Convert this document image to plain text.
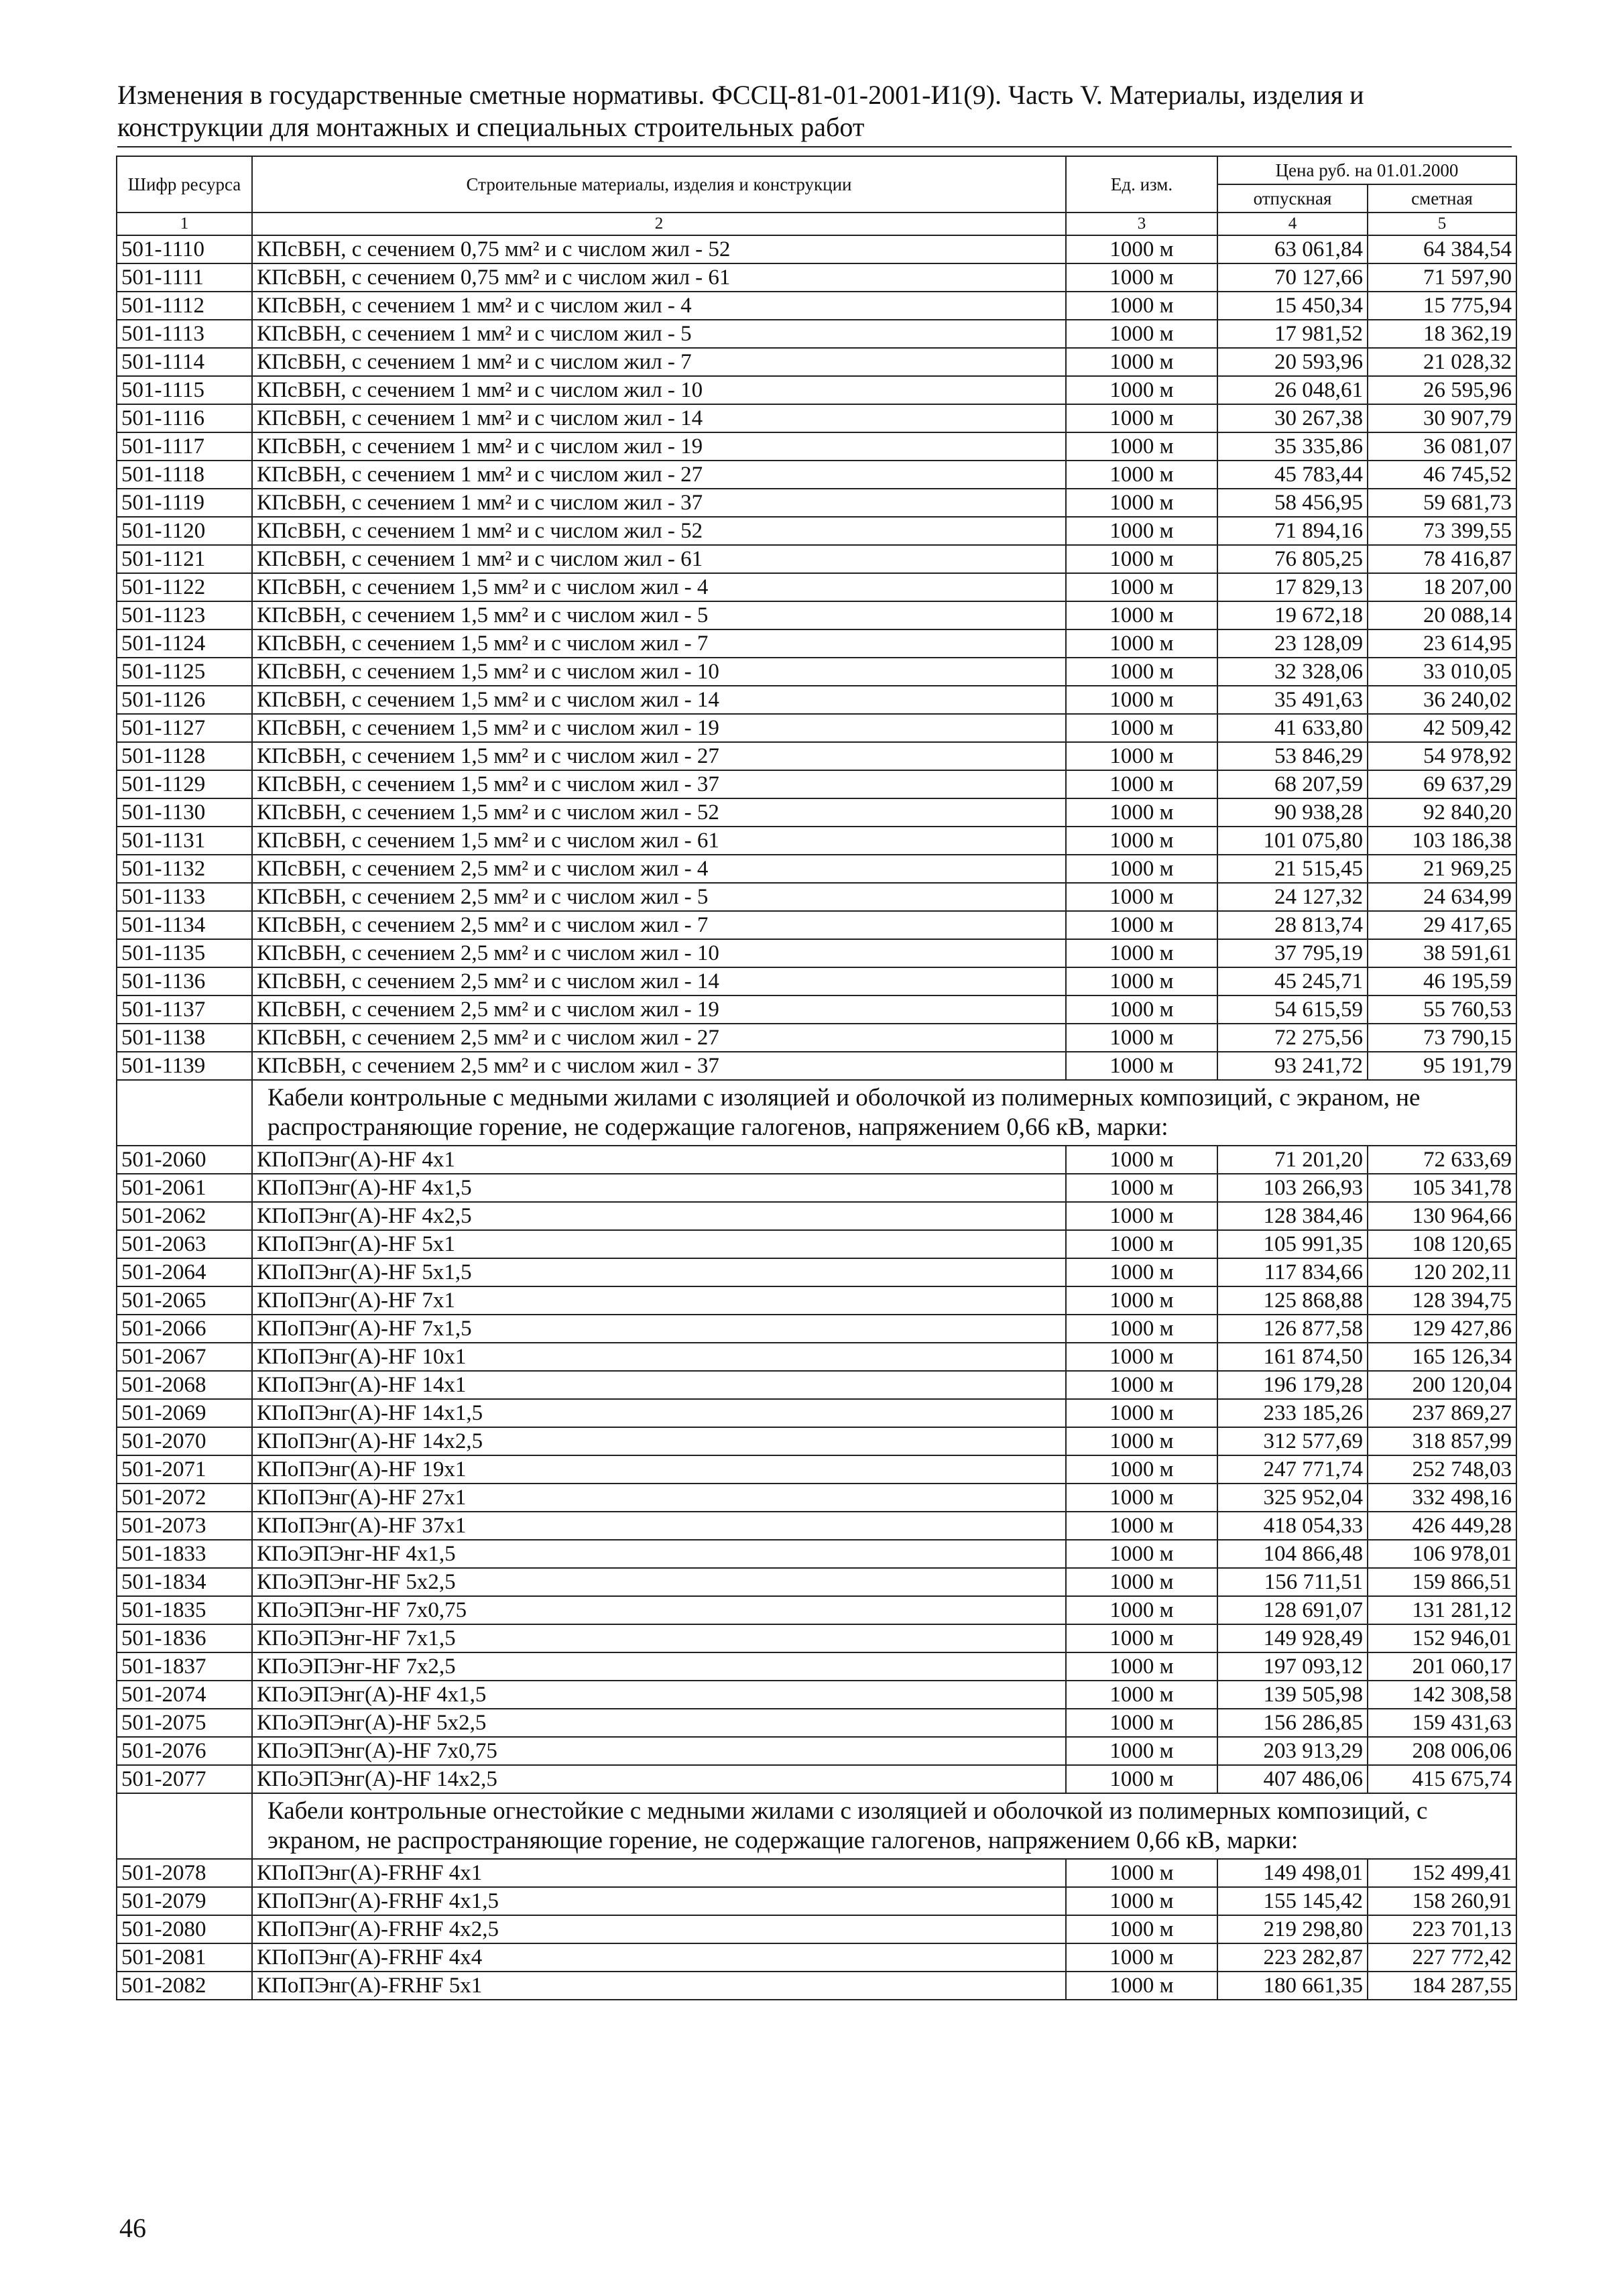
Изменения в государственные сметные нормативы. ФССЦ-81-01-2001-И1(9). Часть V. Материалы, изделия и
конструкции для монтажных и специальных строительных работ
Шифр ресурса	Строительные материалы, изделия и конструкции	Ед. изм.	Цена руб. на 01.01.2000	
			отпускная	сметная
1	2	3	4	5
501-1110	КПсВБН, с сечением 0,75 мм² и с числом жил - 52	1000 м	63 061,84	64 384,54
501-1111	КПсВБН, с сечением 0,75 мм² и с числом жил - 61	1000 м	70 127,66	71 597,90
501-1112	КПсВБН, с сечением 1 мм² и с числом жил - 4	1000 м	15 450,34	15 775,94
501-1113	КПсВБН, с сечением 1 мм² и с числом жил - 5	1000 м	17 981,52	18 362,19
501-1114	КПсВБН, с сечением 1 мм² и с числом жил - 7	1000 м	20 593,96	21 028,32
501-1115	КПсВБН, с сечением 1 мм² и с числом жил - 10	1000 м	26 048,61	26 595,96
501-1116	КПсВБН, с сечением 1 мм² и с числом жил - 14	1000 м	30 267,38	30 907,79
501-1117	КПсВБН, с сечением 1 мм² и с числом жил - 19	1000 м	35 335,86	36 081,07
501-1118	КПсВБН, с сечением 1 мм² и с числом жил - 27	1000 м	45 783,44	46 745,52
501-1119	КПсВБН, с сечением 1 мм² и с числом жил - 37	1000 м	58 456,95	59 681,73
501-1120	КПсВБН, с сечением 1 мм² и с числом жил - 52	1000 м	71 894,16	73 399,55
501-1121	КПсВБН, с сечением 1 мм² и с числом жил - 61	1000 м	76 805,25	78 416,87
501-1122	КПсВБН, с сечением 1,5 мм² и с числом жил - 4	1000 м	17 829,13	18 207,00
501-1123	КПсВБН, с сечением 1,5 мм² и с числом жил - 5	1000 м	19 672,18	20 088,14
501-1124	КПсВБН, с сечением 1,5 мм² и с числом жил - 7	1000 м	23 128,09	23 614,95
501-1125	КПсВБН, с сечением 1,5 мм² и с числом жил - 10	1000 м	32 328,06	33 010,05
501-1126	КПсВБН, с сечением 1,5 мм² и с числом жил - 14	1000 м	35 491,63	36 240,02
501-1127	КПсВБН, с сечением 1,5 мм² и с числом жил - 19	1000 м	41 633,80	42 509,42
501-1128	КПсВБН, с сечением 1,5 мм² и с числом жил - 27	1000 м	53 846,29	54 978,92
501-1129	КПсВБН, с сечением 1,5 мм² и с числом жил - 37	1000 м	68 207,59	69 637,29
501-1130	КПсВБН, с сечением 1,5 мм² и с числом жил - 52	1000 м	90 938,28	92 840,20
501-1131	КПсВБН, с сечением 1,5 мм² и с числом жил - 61	1000 м	101 075,80	103 186,38
501-1132	КПсВБН, с сечением 2,5 мм² и с числом жил - 4	1000 м	21 515,45	21 969,25
501-1133	КПсВБН, с сечением 2,5 мм² и с числом жил - 5	1000 м	24 127,32	24 634,99
501-1134	КПсВБН, с сечением 2,5 мм² и с числом жил - 7	1000 м	28 813,74	29 417,65
501-1135	КПсВБН, с сечением 2,5 мм² и с числом жил - 10	1000 м	37 795,19	38 591,61
501-1136	КПсВБН, с сечением 2,5 мм² и с числом жил - 14	1000 м	45 245,71	46 195,59
501-1137	КПсВБН, с сечением 2,5 мм² и с числом жил - 19	1000 м	54 615,59	55 760,53
501-1138	КПсВБН, с сечением 2,5 мм² и с числом жил - 27	1000 м	72 275,56	73 790,15
501-1139	КПсВБН, с сечением 2,5 мм² и с числом жил - 37	1000 м	93 241,72	95 191,79
	Кабели контрольные с медными жилами с изоляцией и оболочкой из полимерных композиций, с экраном, не распространяющие горение, не содержащие галогенов, напряжением 0,66 кВ, марки:			
501-2060	КПоПЭнг(А)-HF 4x1	1000 м	71 201,20	72 633,69
501-2061	КПоПЭнг(А)-HF 4x1,5	1000 м	103 266,93	105 341,78
501-2062	КПоПЭнг(А)-HF 4x2,5	1000 м	128 384,46	130 964,66
501-2063	КПоПЭнг(А)-HF 5x1	1000 м	105 991,35	108 120,65
501-2064	КПоПЭнг(А)-HF 5x1,5	1000 м	117 834,66	120 202,11
501-2065	КПоПЭнг(А)-HF 7x1	1000 м	125 868,88	128 394,75
501-2066	КПоПЭнг(А)-HF 7x1,5	1000 м	126 877,58	129 427,86
501-2067	КПоПЭнг(А)-HF 10x1	1000 м	161 874,50	165 126,34
501-2068	КПоПЭнг(А)-HF 14x1	1000 м	196 179,28	200 120,04
501-2069	КПоПЭнг(А)-HF 14x1,5	1000 м	233 185,26	237 869,27
501-2070	КПоПЭнг(А)-HF 14x2,5	1000 м	312 577,69	318 857,99
501-2071	КПоПЭнг(А)-HF 19x1	1000 м	247 771,74	252 748,03
501-2072	КПоПЭнг(А)-HF 27x1	1000 м	325 952,04	332 498,16
501-2073	КПоПЭнг(А)-HF 37x1	1000 м	418 054,33	426 449,28
501-1833	КПоЭПЭнг-HF 4x1,5	1000 м	104 866,48	106 978,01
501-1834	КПоЭПЭнг-HF 5x2,5	1000 м	156 711,51	159 866,51
501-1835	КПоЭПЭнг-HF 7x0,75	1000 м	128 691,07	131 281,12
501-1836	КПоЭПЭнг-HF 7x1,5	1000 м	149 928,49	152 946,01
501-1837	КПоЭПЭнг-HF 7x2,5	1000 м	197 093,12	201 060,17
501-2074	КПоЭПЭнг(А)-HF 4x1,5	1000 м	139 505,98	142 308,58
501-2075	КПоЭПЭнг(А)-HF 5x2,5	1000 м	156 286,85	159 431,63
501-2076	КПоЭПЭнг(А)-HF 7x0,75	1000 м	203 913,29	208 006,06
501-2077	КПоЭПЭнг(А)-HF 14x2,5	1000 м	407 486,06	415 675,74
	Кабели контрольные огнестойкие с медными жилами с изоляцией и оболочкой из полимерных композиций, с экраном, не распространяющие горение, не содержащие галогенов, напряжением 0,66 кВ, марки:			
501-2078	КПоПЭнг(А)-FRHF 4x1	1000 м	149 498,01	152 499,41
501-2079	КПоПЭнг(А)-FRHF 4x1,5	1000 м	155 145,42	158 260,91
501-2080	КПоПЭнг(А)-FRHF 4x2,5	1000 м	219 298,80	223 701,13
501-2081	КПоПЭнг(А)-FRHF 4x4	1000 м	223 282,87	227 772,42
501-2082	КПоПЭнг(А)-FRHF 5x1	1000 м	180 661,35	184 287,55
46
